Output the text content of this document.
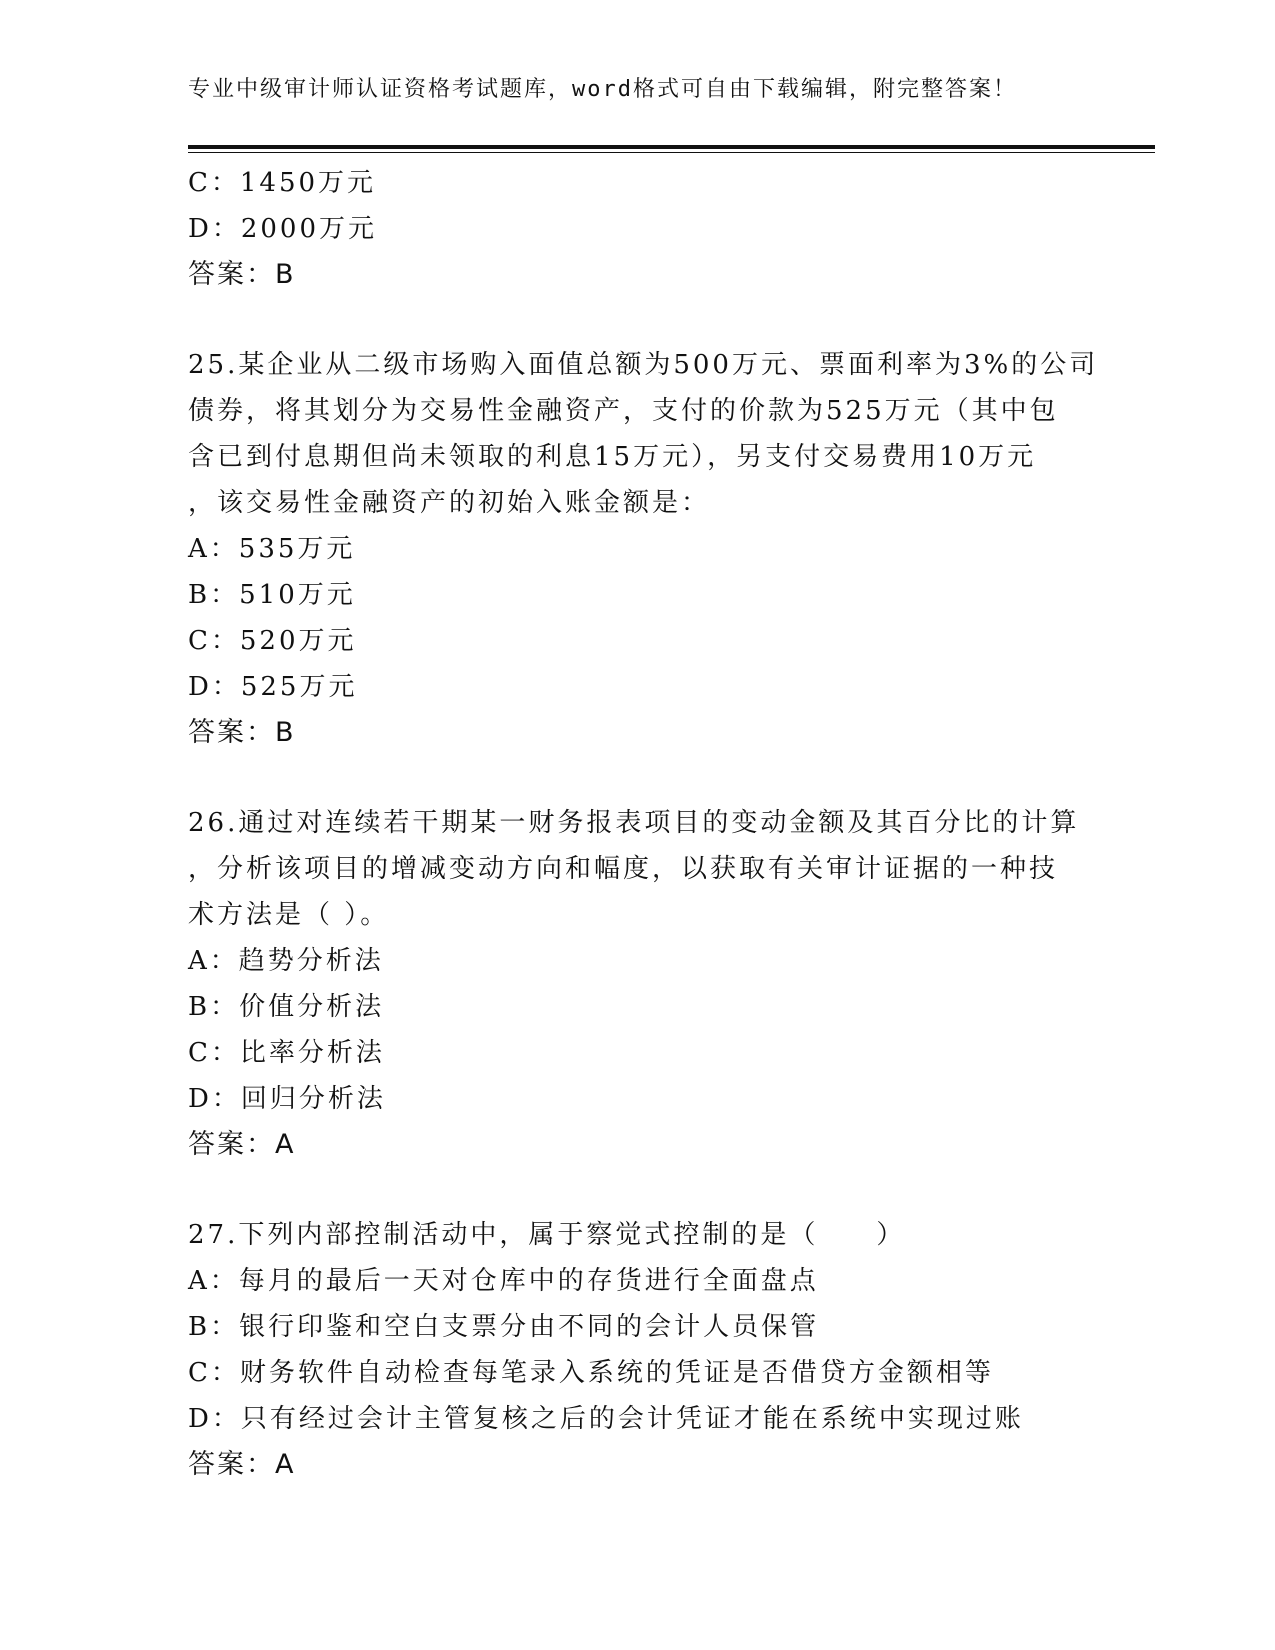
专业中级审计师认证资格考试题库，word格式可自由下载编辑，附完整答案！
C：1450万元
D：2000万元
答案：B
25.某企业从二级市场购入面值总额为500万元、票面利率为3%的公司
债券，将其划分为交易性金融资产，支付的价款为525万元（其中包
含已到付息期但尚未领取的利息15万元），另支付交易费用10万元
，该交易性金融资产的初始入账金额是：
A：535万元
B：510万元
C：520万元
D：525万元
答案：B
26.通过对连续若干期某一财务报表项目的变动金额及其百分比的计算
，分析该项目的增减变动方向和幅度，以获取有关审计证据的一种技
术方法是（ ）。
A：趋势分析法
B：价值分析法
C：比率分析法
D：回归分析法
答案：A
27.下列内部控制活动中，属于察觉式控制的是（　　）
A：每月的最后一天对仓库中的存货进行全面盘点
B：银行印鉴和空白支票分由不同的会计人员保管
C：财务软件自动检查每笔录入系统的凭证是否借贷方金额相等
D：只有经过会计主管复核之后的会计凭证才能在系统中实现过账
答案：A
